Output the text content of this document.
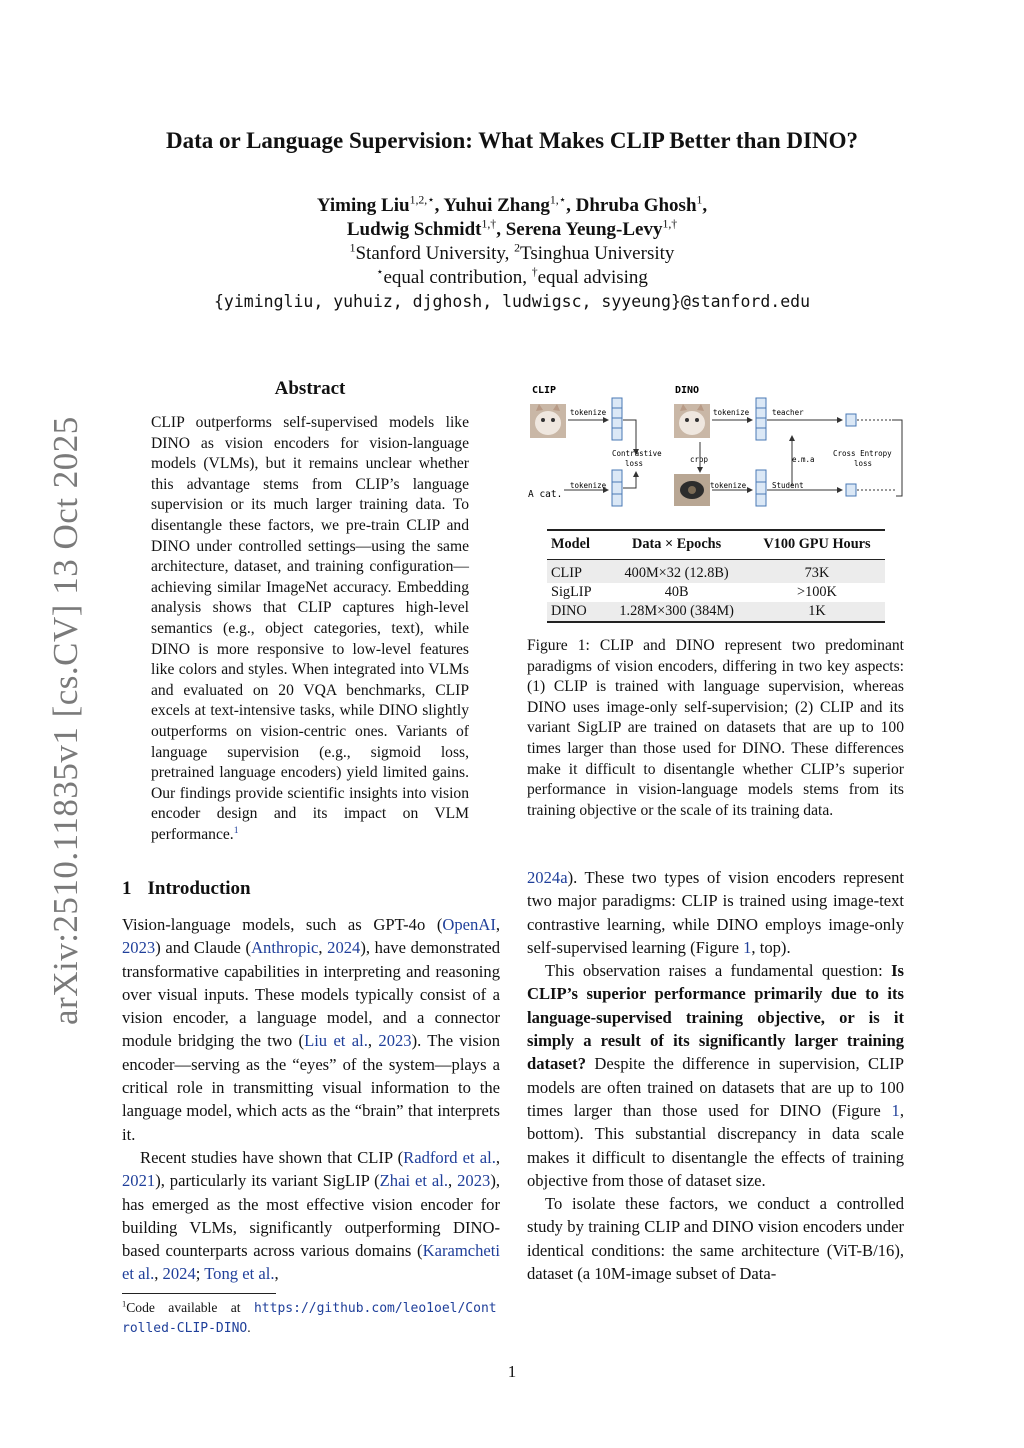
arXiv:2510.11835v1 [cs.CV] 13 Oct 2025
Data or Language Supervision: What Makes CLIP Better than DINO?
Yiming Liu$^{1,2,⋆}$, Yuhui Zhang$^{1,⋆}$, Dhruba Ghosh$^1$,
Ludwig Schmidt$^{1,\dagger}$, Serena Yeung-Levy$^{1,\dagger}$
$^1$Stanford University, $^2$Tsinghua University
⋆equal contribution, †equal advising
{yimingliu, yuhuiz, djghosh, ludwigsc, syyeung}@stanford.edu
Abstract
CLIP outperforms self-supervised models like DINO as vision encoders for vision-language models (VLMs), but it remains unclear whether this advantage stems from CLIP’s language supervision or its much larger training data. To disentangle these factors, we pre-train CLIP and DINO under controlled settings—using the same architecture, dataset, and training configuration—achieving similar ImageNet accuracy. Embedding analysis shows that CLIP captures high-level semantics (e.g., object categories, text), while DINO is more responsive to low-level features like colors and styles. When integrated into VLMs and evaluated on 20 VQA benchmarks, CLIP excels at text-intensive tasks, while DINO slightly outperforms on vision-centric ones. Variants of language supervision (e.g., sigmoid loss, pretrained language encoders) yield limited gains. Our findings provide scientific insights into vision encoder design and its impact on VLM performance.$^1$
1 Introduction

Vision-language models, such as GPT-4o (OpenAI, 2023) and Claude (Anthropic, 2024), have demonstrated transformative capabilities in interpreting and reasoning over visual inputs. These models typically consist of a vision encoder, a language model, and a connector module bridging the two (Liu et al., 2023). The vision encoder—serving as the “eyes” of the system—plays a critical role in transmitting visual information to the language model, which acts as the “brain” that interprets it.

Recent studies have shown that CLIP (Radford et al., 2021), particularly its variant SigLIP (Zhai et al., 2023), has emerged as the most effective vision encoder for building VLMs, significantly outperforming DINO-based counterparts across various domains (Karamcheti et al., 2024; Tong et al.,

$^1$Code available at https://github.com/leo1oel/Controlled-CLIP-DINO.
CLIP	DINO
tokenize
Contrastive
loss
A cat.
tokenize
tokenize	teacher
Cross Entropy
loss
e.m.a
crop
tokenize	Student
Model	Data × Epochs	V100 GPU Hours
CLIP	400M×32 (12.8B)	73K
SigLIP	40B	>100K
DINO	1.28M×300 (384M)	1K
Figure 1: CLIP and DINO represent two predominant paradigms of vision encoders, differing in two key aspects: (1) CLIP is trained with language supervision, whereas DINO uses image-only self-supervision; (2) CLIP and its variant SigLIP are trained on datasets that are up to 100 times larger than those used for DINO. These differences make it difficult to disentangle whether CLIP’s superior performance in vision-language models stems from its training objective or the scale of its training data.

2024a). These two types of vision encoders represent two major paradigms: CLIP is trained using image-text contrastive learning, while DINO employs image-only self-supervised learning (Figure 1, top).

This observation raises a fundamental question: Is CLIP’s superior performance primarily due to its language-supervised training objective, or is it simply a result of its significantly larger training dataset? Despite the difference in supervision, CLIP models are often trained on datasets that are up to 100 times larger than those used for DINO (Figure 1, bottom). This substantial discrepancy in data scale makes it difficult to disentangle the effects of training objective from those of dataset size.

To isolate these factors, we conduct a controlled study by training CLIP and DINO vision encoders under identical conditions: the same architecture (ViT-B/16), dataset (a 10M-image subset of Data-

1
